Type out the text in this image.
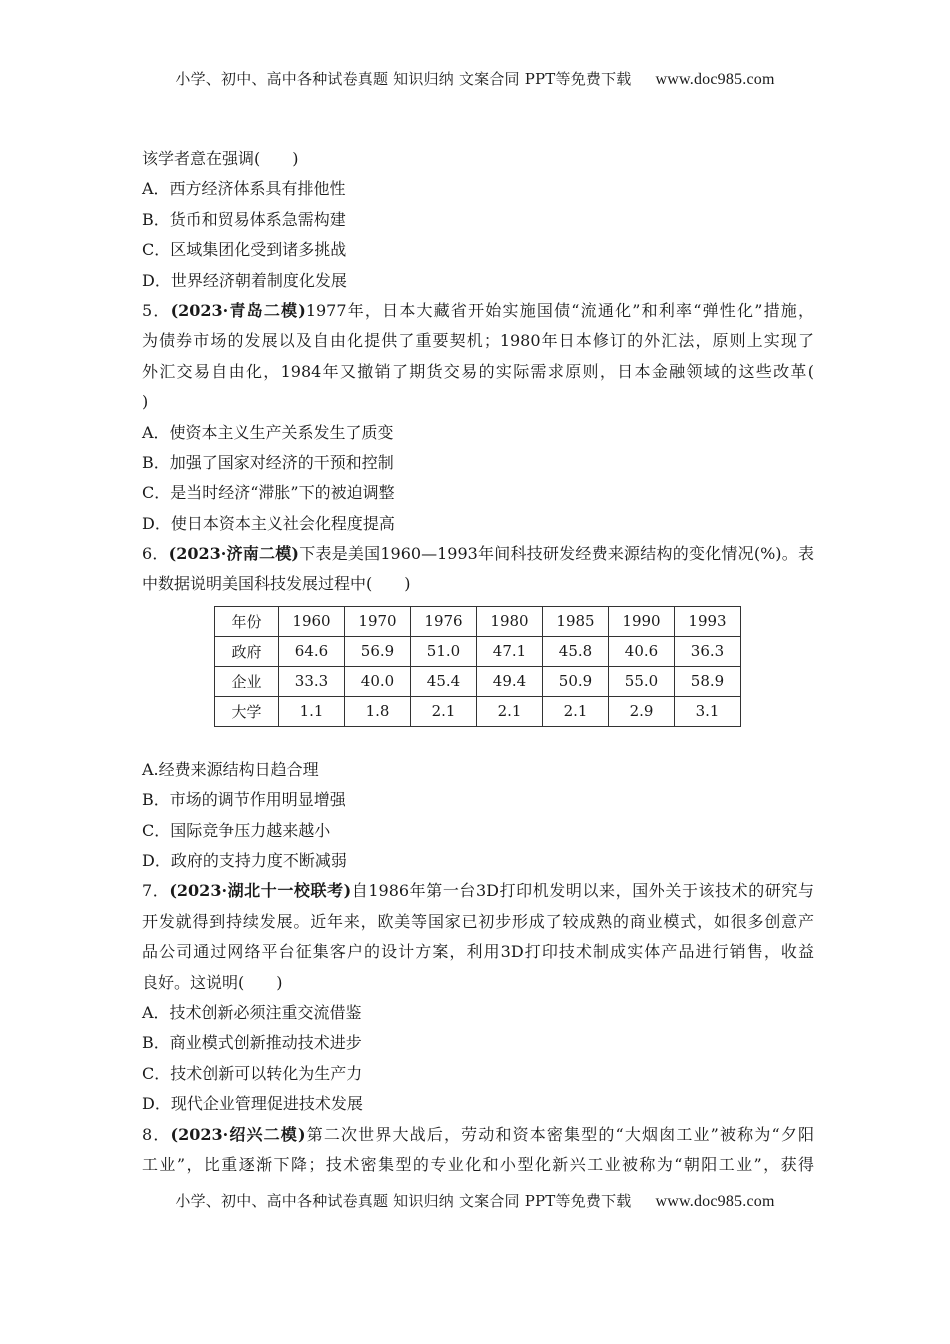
小学、初中、高中各种试卷真题 知识归纳 文案合同 PPT等免费下载 www.doc985.com
该学者意在强调(　　)
A．西方经济体系具有排他性
B．货币和贸易体系急需构建
C．区域集团化受到诸多挑战
D．世界经济朝着制度化发展
5．(2023·青岛二模)1977年，日本大藏省开始实施国债“流通化”和利率“弹性化”措施，
为债券市场的发展以及自由化提供了重要契机；1980年日本修订的外汇法，原则上实现了
外汇交易自由化，1984年又撤销了期货交易的实际需求原则，日本金融领域的这些改革(
)
A．使资本主义生产关系发生了质变
B．加强了国家对经济的干预和控制
C．是当时经济“滞胀”下的被迫调整
D．使日本资本主义社会化程度提高
6．(2023·济南二模)下表是美国1960—1993年间科技研发经费来源结构的变化情况(%)。表
中数据说明美国科技发展过程中(　　)
年份	1960	1970	1976	1980	1985	1990	1993
政府	64.6	56.9	51.0	47.1	45.8	40.6	36.3
企业	33.3	40.0	45.4	49.4	50.9	55.0	58.9
大学	1.1	1.8	2.1	2.1	2.1	2.9	3.1
A.经费来源结构日趋合理
B．市场的调节作用明显增强
C．国际竞争压力越来越小
D．政府的支持力度不断减弱
7．(2023·湖北十一校联考)自1986年第一台3D打印机发明以来，国外关于该技术的研究与
开发就得到持续发展。近年来，欧美等国家已初步形成了较成熟的商业模式，如很多创意产
品公司通过网络平台征集客户的设计方案，利用3D打印技术制成实体产品进行销售，收益
良好。这说明(　　)
A．技术创新必须注重交流借鉴
B．商业模式创新推动技术进步
C．技术创新可以转化为生产力
D．现代企业管理促进技术发展
8．(2023·绍兴二模)第二次世界大战后，劳动和资本密集型的“大烟囱工业”被称为“夕阳
工业”，比重逐渐下降；技术密集型的专业化和小型化新兴工业被称为“朝阳工业”，获得
小学、初中、高中各种试卷真题 知识归纳 文案合同 PPT等免费下载 www.doc985.com
